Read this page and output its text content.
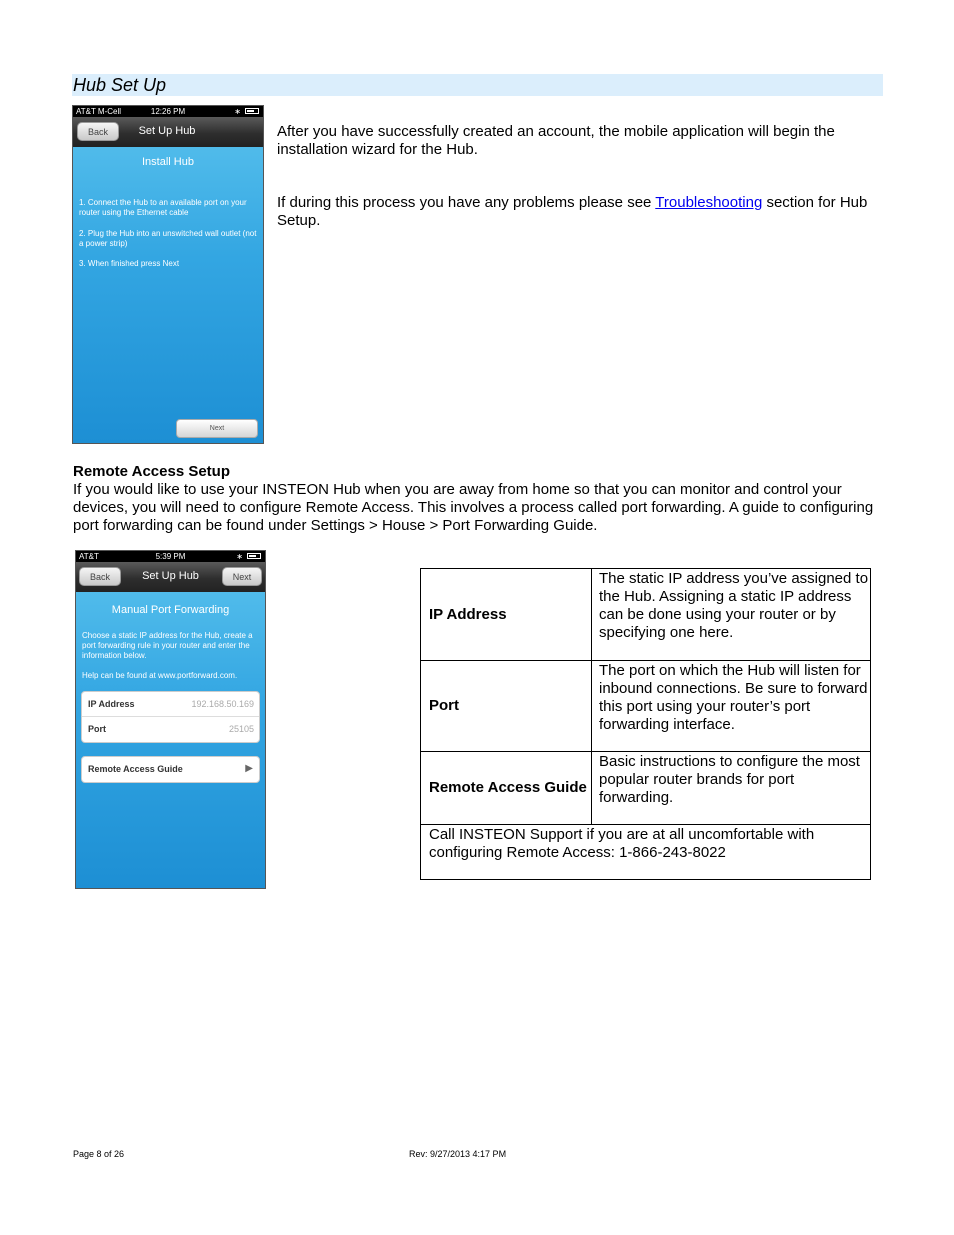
Hub Set Up
AT&T M-Cell	12:26 PM	∗
Back	Set Up Hub
Install Hub
1. Connect the Hub to an available port on your router using the Ethernet cable
2. Plug the Hub into an unswitched wall outlet (not a power strip)
3. When finished press Next
Next
After you have successfully created an account, the mobile application will begin the installation wizard for the Hub.
If during this process you have any problems please see Troubleshooting section for Hub Setup.
Remote Access Setup
If you would like to use your INSTEON Hub when you are away from home so that you can monitor and control your devices, you will need to configure Remote Access. This involves a process called port forwarding. A guide to configuring port forwarding can be found under Settings > House > Port Forwarding Guide.
AT&T	5:39 PM	∗
Back	Set Up Hub	Next
Manual Port Forwarding
Choose a static IP address for the Hub, create a port forwarding rule in your router and enter the information below.
Help can be found at www.portforward.com.
IP Address	192.168.50.169
Port	25105
Remote Access Guide	▶
IP Address	The static IP address you’ve assigned to the Hub. Assigning a static IP address can be done using your router or by specifying one here.
Port	The port on which the Hub will listen for inbound connections. Be sure to forward this port using your router’s port forwarding interface.
Remote Access Guide	Basic instructions to configure the most popular router brands for port forwarding.
Call INSTEON Support if you are at all uncomfortable with configuring Remote Access: 1-866-243-8022	
Page 8 of 26	Rev: 9/27/2013 4:17 PM
